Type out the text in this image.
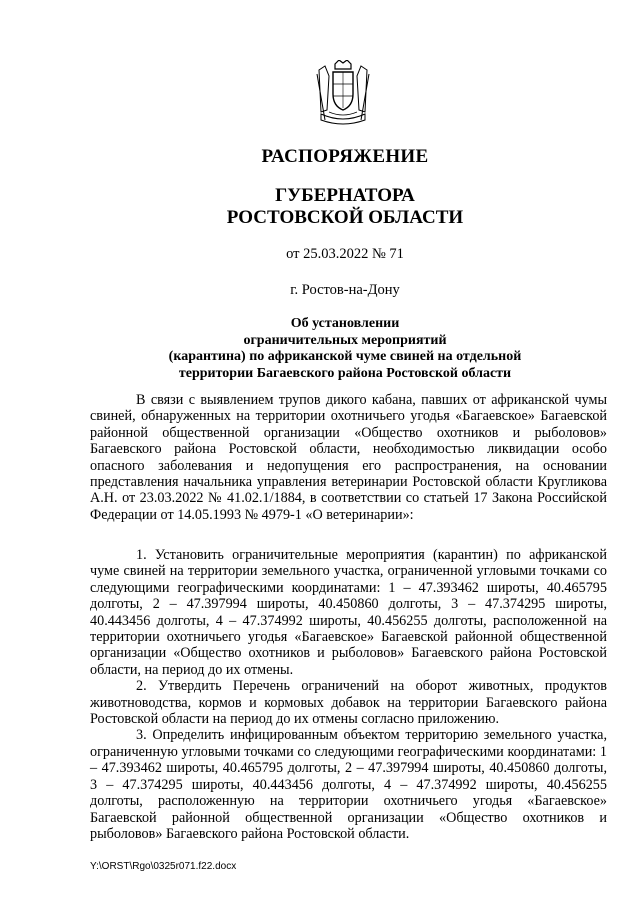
РАСПОРЯЖЕНИЕ
ГУБЕРНАТОРА
РОСТОВСКОЙ ОБЛАСТИ
от 25.03.2022 № 71
г. Ростов-на-Дону
Об установлении
ограничительных мероприятий
(карантина) по африканской чуме свиней на отдельной
территории Багаевского района Ростовской области

В связи с выявлением трупов дикого кабана, павших от африканской чумы свиней, обнаруженных на территории охотничьего угодья «Багаевское» Багаевской районной общественной организации «Общество охотников и рыболовов» Багаевского района Ростовской области, необходимостью ликвидации особо опасного заболевания и недопущения его распространения, на основании представления начальника управления ветеринарии Ростовской области Кругликова А.Н. от 23.03.2022 № 41.02.1/1884, в соответствии со статьей 17 Закона Российской Федерации от 14.05.1993 № 4979-1 «О ветеринарии»:

1. Установить ограничительные мероприятия (карантин) по африканской чуме свиней на территории земельного участка, ограниченной угловыми точками со следующими географическими координатами: 1 – 47.393462 широты, 40.465795 долготы, 2 – 47.397994 широты, 40.450860 долготы, 3 – 47.374295 широты, 40.443456 долготы, 4 – 47.374992 широты, 40.456255 долготы, расположенной на территории охотничьего угодья «Багаевское» Багаевской районной общественной организации «Общество охотников и рыболовов» Багаевского района Ростовской области, на период до их отмены.

2. Утвердить Перечень ограничений на оборот животных, продуктов животноводства, кормов и кормовых добавок на территории Багаевского района Ростовской области на период до их отмены согласно приложению.

3. Определить инфицированным объектом территорию земельного участка, ограниченную угловыми точками со следующими географическими координатами: 1 – 47.393462 широты, 40.465795 долготы, 2 – 47.397994 широты, 40.450860 долготы, 3 – 47.374295 широты, 40.443456 долготы, 4 – 47.374992 широты, 40.456255 долготы, расположенную на территории охотничьего угодья «Багаевское» Багаевской районной общественной организации «Общество охотников и рыболовов» Багаевского района Ростовской области.

Y:\ORST\Rgo\0325r071.f22.docx
